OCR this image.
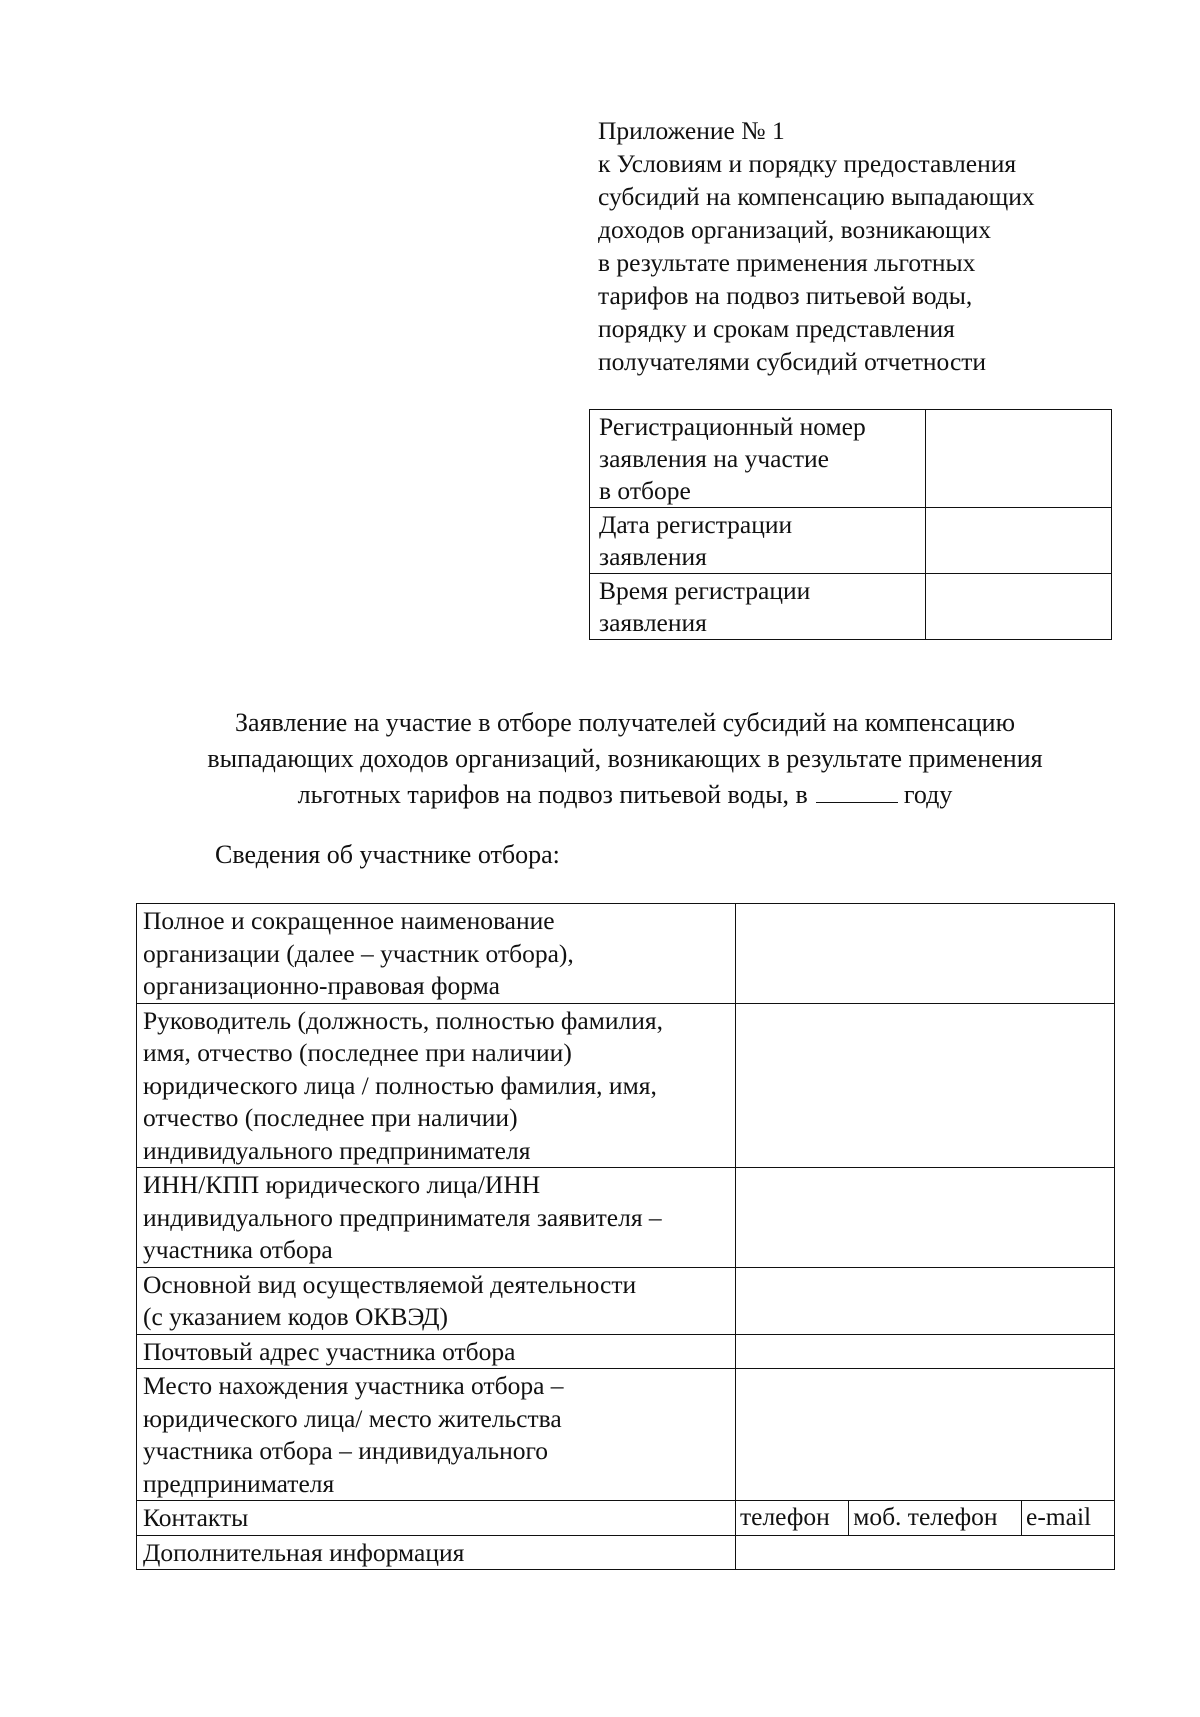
Приложение № 1
к Условиям и порядку предоставления
субсидий на компенсацию выпадающих
доходов организаций, возникающих
в результате применения льготных
тарифов на подвоз питьевой воды,
порядку и срокам представления
получателями субсидий отчетности
Регистрационный номер
заявления на участие
в отборе	

Дата регистрации
заявления	

Время регистрации
заявления	

Заявление на участие в отборе получателей субсидий на компенсацию
выпадающих доходов организаций, возникающих в результате применения
льготных тарифов на подвоз питьевой воды, в	году
Сведения об участнике отбора:
Полное и сокращенное наименование
организации (далее – участник отбора),
организационно-правовая форма			

Руководитель (должность, полностью фамилия,
имя, отчество (последнее при наличии)
юридического лица / полностью фамилия, имя,
отчество (последнее при наличии)
индивидуального предпринимателя			

ИНН/КПП юридического лица/ИНН
индивидуального предпринимателя заявителя –
участника отбора			

Основной вид осуществляемой деятельности
(с указанием кодов ОКВЭД)			

Почтовый адрес участника отбора			

Место нахождения участника отбора –
юридического лица/ место жительства
участника отбора – индивидуального
предпринимателя			

Контакты	телефон	моб. телефон	e-mail

Дополнительная информация			
